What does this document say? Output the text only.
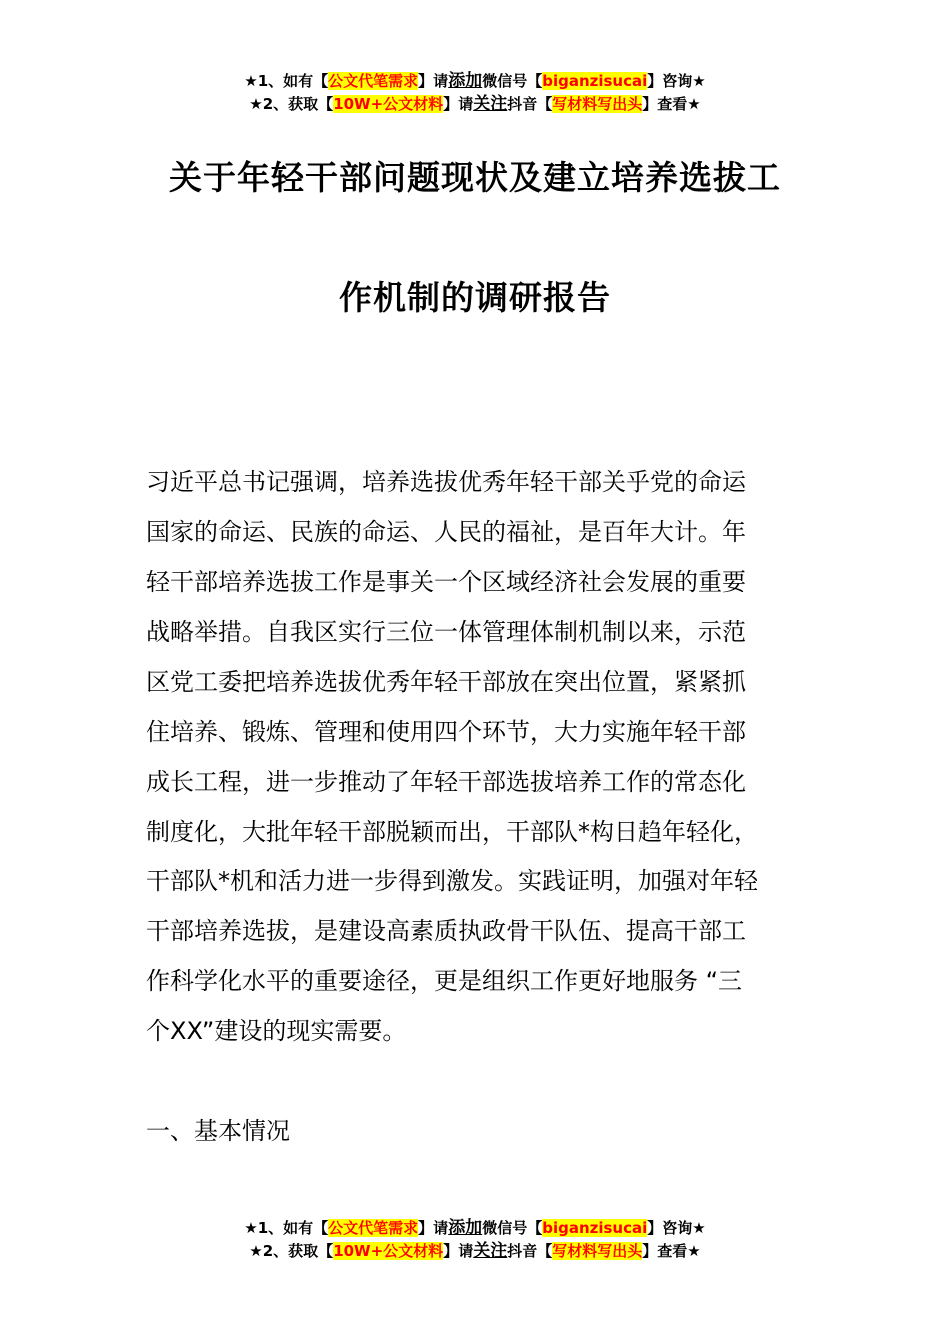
★1、如有【公文代笔需求】请添加微信号【biganzisucai】咨询★
★2、获取【10W+公文材料】请关注抖音【写材料写出头】查看★
关于年轻干部问题现状及建立培养选拔工
作机制的调研报告
习近平总书记强调，培养选拔优秀年轻干部关乎党的命运
国家的命运、民族的命运、人民的福祉，是百年大计。年
轻干部培养选拔工作是事关一个区域经济社会发展的重要
战略举措。自我区实行三位一体管理体制机制以来，示范
区党工委把培养选拔优秀年轻干部放在突出位置，紧紧抓
住培养、锻炼、管理和使用四个环节，大力实施年轻干部
成长工程，进一步推动了年轻干部选拔培养工作的常态化
制度化，大批年轻干部脱颖而出，干部队*构日趋年轻化，
干部队*机和活力进一步得到激发。实践证明，加强对年轻
干部培养选拔，是建设高素质执政骨干队伍、提高干部工
作科学化水平的重要途径，更是组织工作更好地服务 “三
个XX”建设的现实需要。
一、基本情况
★1、如有【公文代笔需求】请添加微信号【biganzisucai】咨询★
★2、获取【10W+公文材料】请关注抖音【写材料写出头】查看★
